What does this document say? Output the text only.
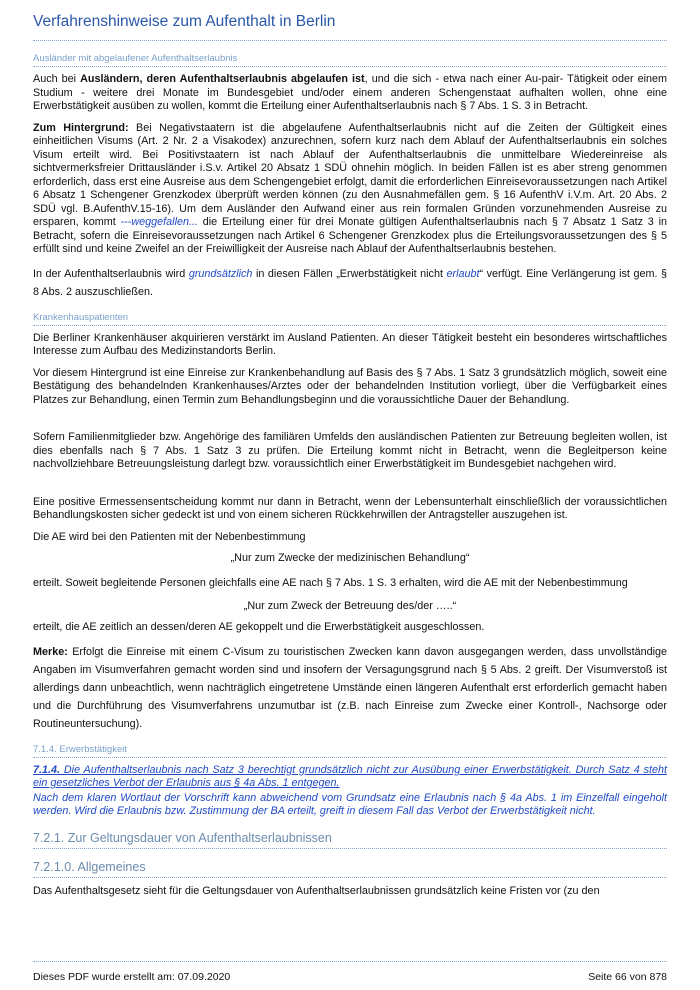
Verfahrenshinweise zum Aufenthalt in Berlin
Ausländer mit abgelaufener Aufenthaltserlaubnis
Auch bei Ausländern, deren Aufenthaltserlaubnis abgelaufen ist, und die sich - etwa nach einer Au-pair- Tätigkeit oder einem Studium - weitere drei Monate im Bundesgebiet und/oder einem anderen Schengenstaat aufhalten wollen, ohne eine Erwerbstätigkeit ausüben zu wollen, kommt die Erteilung einer Aufenthaltserlaubnis nach § 7 Abs. 1 S. 3 in Betracht.
Zum Hintergrund: Bei Negativstaatern ist die abgelaufene Aufenthaltserlaubnis nicht auf die Zeiten der Gültigkeit eines einheitlichen Visums (Art. 2 Nr. 2 a Visakodex) anzurechnen, sofern kurz nach dem Ablauf der Aufenthaltserlaubnis ein solches Visum erteilt wird. Bei Positivstaatern ist nach Ablauf der Aufenthaltserlaubnis die unmittelbare Wiedereinreise als sichtvermerksfreier Drittausländer i.S.v. Artikel 20 Absatz 1 SDÜ ohnehin möglich. In beiden Fällen ist es aber streng genommen erforderlich, dass erst eine Ausreise aus dem Schengengebiet erfolgt, damit die erforderlichen Einreisevoraussetzungen nach Artikel 6 Absatz 1 Schengener Grenzkodex überprüft werden können (zu den Ausnahmefällen gem. § 16 AufenthV i.V.m. Art. 20 Abs. 2 SDÜ vgl. B.AufenthV.15-16). Um dem Ausländer den Aufwand einer aus rein formalen Gründen vorzunehmenden Ausreise zu ersparen, kommt ---weggefallen... die Erteilung einer für drei Monate gültigen Aufenthaltserlaubnis nach § 7 Absatz 1 Satz 3 in Betracht, sofern die Einreisevoraussetzungen nach Artikel 6 Schengener Grenzkodex plus die Erteilungsvoraussetzungen des § 5 erfüllt sind und keine Zweifel an der Freiwilligkeit der Ausreise nach Ablauf der Aufenthaltserlaubnis bestehen.
In der Aufenthaltserlaubnis wird grundsätzlich in diesen Fällen „Erwerbstätigkeit nicht erlaubt“ verfügt. Eine Verlängerung ist gem. § 8 Abs. 2 auszuschließen.
Krankenhauspatienten
Die Berliner Krankenhäuser akquirieren verstärkt im Ausland Patienten. An dieser Tätigkeit besteht ein besonderes wirtschaftliches Interesse zum Aufbau des Medizinstandorts Berlin.
Vor diesem Hintergrund ist eine Einreise zur Krankenbehandlung auf Basis des § 7 Abs. 1 Satz 3 grundsätzlich möglich, soweit eine Bestätigung des behandelnden Krankenhauses/Arztes oder der behandelnden Institution vorliegt, über die Verfügbarkeit eines Platzes zur Behandlung, einen Termin zum Behandlungsbeginn und die voraussichtliche Dauer der Behandlung.
Sofern Familienmitglieder bzw. Angehörige des familiären Umfelds den ausländischen Patienten zur Betreuung begleiten wollen, ist dies ebenfalls nach § 7 Abs. 1 Satz 3 zu prüfen. Die Erteilung kommt nicht in Betracht, wenn die Begleitperson keine nachvollziehbare Betreuungsleistung darlegt bzw. voraussichtlich einer Erwerbstätigkeit im Bundesgebiet nachgehen wird.
Eine positive Ermessensentscheidung kommt nur dann in Betracht, wenn der Lebensunterhalt einschließlich der voraussichtlichen Behandlungskosten sicher gedeckt ist und von einem sicheren Rückkehrwillen der Antragsteller auszugehen ist.
Die AE wird bei den Patienten mit der Nebenbestimmung
„Nur zum Zwecke der medizinischen Behandlung“
erteilt. Soweit begleitende Personen gleichfalls eine AE nach § 7 Abs. 1 S. 3 erhalten, wird die AE mit der Nebenbestimmung
„Nur zum Zweck der Betreuung des/der …..“
erteilt, die AE zeitlich an dessen/deren AE gekoppelt und die Erwerbstätigkeit ausgeschlossen.
Merke: Erfolgt die Einreise mit einem C-Visum zu touristischen Zwecken kann davon ausgegangen werden, dass unvollständige Angaben im Visumverfahren gemacht worden sind und insofern der Versagungsgrund nach § 5 Abs. 2 greift. Der Visumverstoß ist allerdings dann unbeachtlich, wenn nachträglich eingetretene Umstände einen längeren Aufenthalt erst erforderlich gemacht haben und die Durchführung des Visumverfahrens unzumutbar ist (z.B. nach Einreise zum Zwecke einer Kontroll-, Nachsorge oder Routineuntersuchung).
7.1.4. Erwerbstätigkeit
7.1.4. Die Aufenthaltserlaubnis nach Satz 3 berechtigt grundsätzlich nicht zur Ausübung einer Erwerbstätigkeit. Durch Satz 4 steht ein gesetzliches Verbot der Erlaubnis aus § 4a Abs. 1 entgegen.
Nach dem klaren Wortlaut der Vorschrift kann abweichend vom Grundsatz eine Erlaubnis nach § 4a Abs. 1 im Einzelfall eingeholt werden. Wird die Erlaubnis bzw. Zustimmung der BA erteilt, greift in diesem Fall das Verbot der Erwerbstätigkeit nicht.
7.2.1. Zur Geltungsdauer von Aufenthaltserlaubnissen
7.2.1.0. Allgemeines
Das Aufenthaltsgesetz sieht für die Geltungsdauer von Aufenthaltserlaubnissen grundsätzlich keine Fristen vor (zu den
Dieses PDF wurde erstellt am: 07.09.2020	Seite 66 von 878
